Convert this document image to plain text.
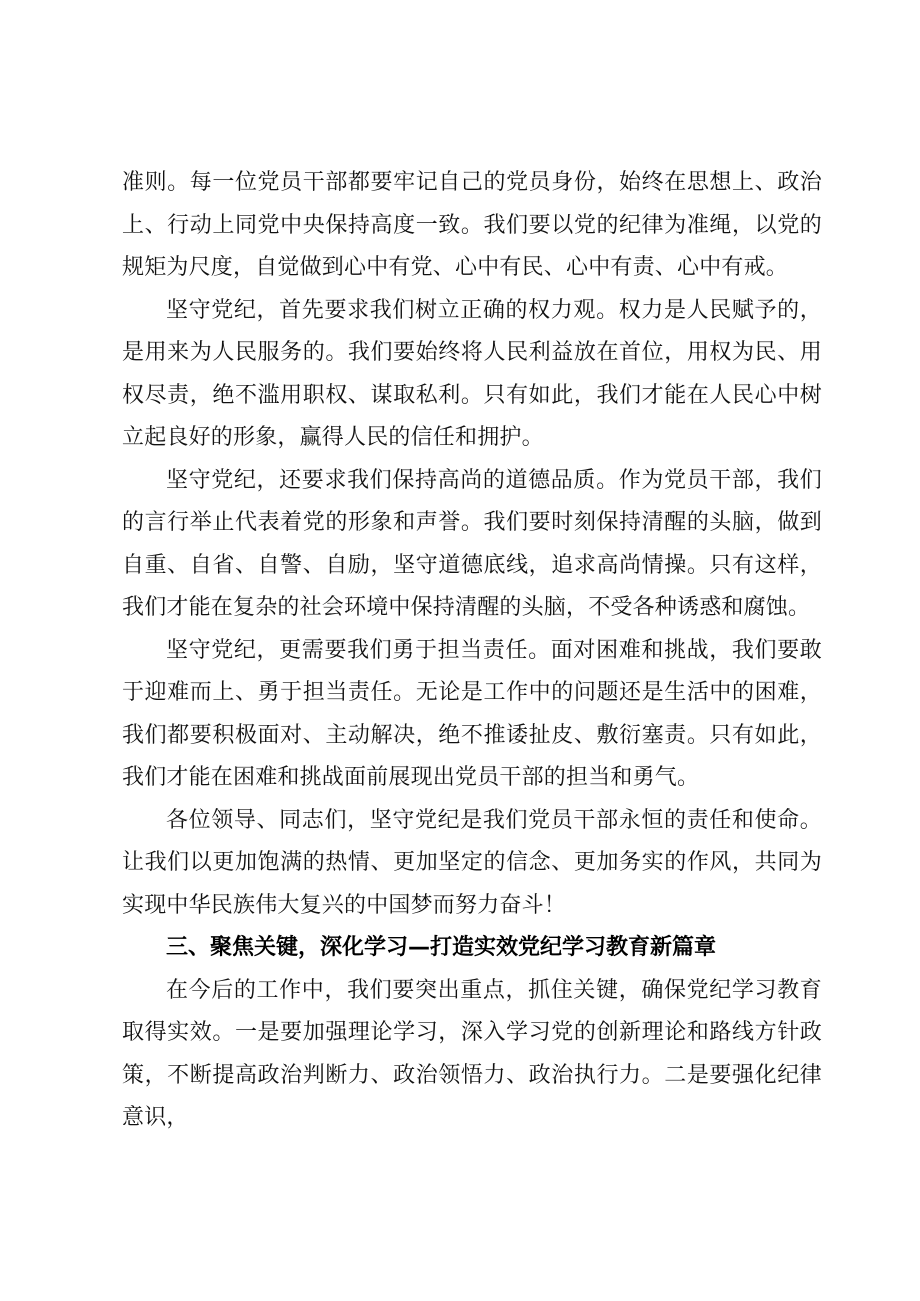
准则。每一位党员干部都要牢记自己的党员身份，始终在思想上、政治上、行动上同党中央保持高度一致。我们要以党的纪律为准绳，以党的规矩为尺度，自觉做到心中有党、心中有民、心中有责、心中有戒。

坚守党纪，首先要求我们树立正确的权力观。权力是人民赋予的，是用来为人民服务的。我们要始终将人民利益放在首位，用权为民、用权尽责，绝不滥用职权、谋取私利。只有如此，我们才能在人民心中树立起良好的形象，赢得人民的信任和拥护。

坚守党纪，还要求我们保持高尚的道德品质。作为党员干部，我们的言行举止代表着党的形象和声誉。我们要时刻保持清醒的头脑，做到自重、自省、自警、自励，坚守道德底线，追求高尚情操。只有这样，我们才能在复杂的社会环境中保持清醒的头脑，不受各种诱惑和腐蚀。

坚守党纪，更需要我们勇于担当责任。面对困难和挑战，我们要敢于迎难而上、勇于担当责任。无论是工作中的问题还是生活中的困难，我们都要积极面对、主动解决，绝不推诿扯皮、敷衍塞责。只有如此，我们才能在困难和挑战面前展现出党员干部的担当和勇气。

各位领导、同志们，坚守党纪是我们党员干部永恒的责任和使命。让我们以更加饱满的热情、更加坚定的信念、更加务实的作风，共同为实现中华民族伟大复兴的中国梦而努力奋斗！

三、聚焦关键，深化学习—打造实效党纪学习教育新篇章

在今后的工作中，我们要突出重点，抓住关键，确保党纪学习教育取得实效。一是要加强理论学习，深入学习党的创新理论和路线方针政策，不断提高政治判断力、政治领悟力、政治执行力。二是要强化纪律意识，
